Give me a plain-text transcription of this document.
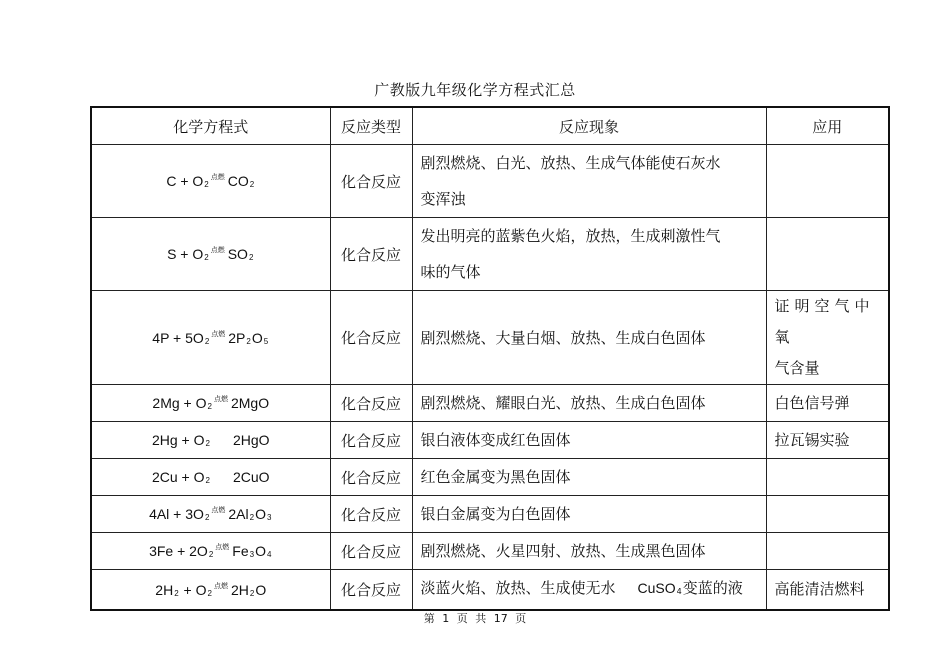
广教版九年级化学方程式汇总
化学方程式	反应类型	反应现象	应用
$C + O2^{点燃}$ CO2	化合反应	剧烈燃烧、白光、放热、生成气体能使石灰水
变浑浊	

$S + O2^{点燃}$ SO2	化合反应	发出明亮的蓝紫色火焰，放热，生成刺激性气
味的气体	

$4P + 5O2^{点燃}$ 2P2O5	化合反应	剧烈燃烧、大量白烟、放热、生成白色固体	证明空气中氧
气含量

$2Mg + O2^{点燃}$ 2MgO	化合反应	剧烈燃烧、耀眼白光、放热、生成白色固体	白色信号弹
2Hg + O2 2HgO	化合反应	银白液体变成红色固体	拉瓦锡实验
2Cu + O2 2CuO	化合反应	红色金属变为黑色固体	
$4Al + 3O2^{点燃}$ 2Al2O3	化合反应	银白金属变为白色固体	
$3Fe + 2O2^{点燃}$ Fe3O4	化合反应	剧烈燃烧、火星四射、放热、生成黑色固体	
$2H2 + O2^{点燃}$ 2H2O	化合反应	淡蓝火焰、放热、生成使无水 CuSO4变蓝的液	高能清洁燃料
第 1 页 共 17 页
